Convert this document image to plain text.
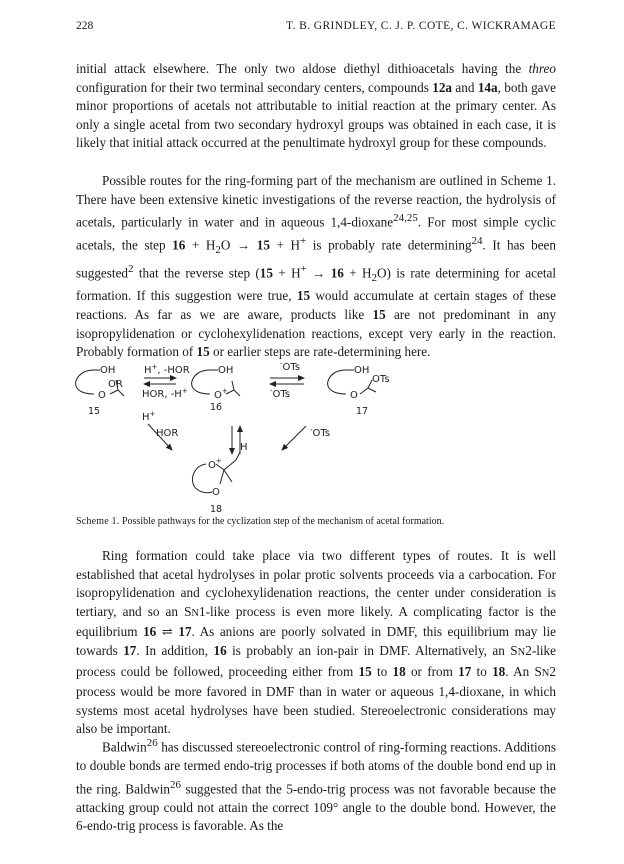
228	T. B. GRINDLEY, C. J. P. COTE, C. WICKRAMAGE

initial attack elsewhere. The only two aldose diethyl dithioacetals having the threo configuration for their two terminal secondary centers, compounds 12a and 14a, both gave minor proportions of acetals not attributable to initial reaction at the primary center. As only a single acetal from two secondary hydroxyl groups was obtained in each case, it is likely that initial attack occurred at the penultimate hydroxyl group for these compounds.

Possible routes for the ring-forming part of the mechanism are outlined in Scheme 1. There have been extensive kinetic investigations of the reverse reaction, the hydrolysis of acetals, particularly in water and in aqueous 1,4-dioxane$^{24,25}$. For most simple cyclic acetals, the step $16 + H_2O \to 15 + H^+$ is probably rate determining$^{24}$. It has been suggested$^2$ that the reverse step $(15 + H^+ \to 16 + H_2O)$ is rate determining for acetal formation. If this suggestion were true, 15 would accumulate at certain stages of these reactions. As far as we are aware, products like 15 are not predominant in any isopropylidenation or cyclohexylidenation reactions, except very early in the reaction. Probably formation of 15 or earlier steps are rate-determining here.

OH
OR
O
H+, -HOR
HOR, -H+
OH
O+
-OTs
-OTs
OH
OTs
O
15	16	17
H+
HOR	-OTs
H
O+
O
18
Scheme 1. Possible pathways for the cyclization step of the mechanism of acetal formation.

Ring formation could take place via two different types of routes. It is well established that acetal hydrolyses in polar protic solvents proceeds via a carbocation. For isopropylidenation and cyclohexylidenation reactions, the center under consideration is tertiary, and so an SN1-like process is even more likely. A complicating factor is the equilibrium 16 ⇌ 17. As anions are poorly solvated in DMF, this equilibrium may lie towards 17. In addition, 16 is probably an ion-pair in DMF. Alternatively, an SN2-like process could be followed, proceeding either from 15 to 18 or from 17 to 18. An SN2 process would be more favored in DMF than in water or aqueous 1,4-dioxane, in which systems most acetal hydrolyses have been studied. Stereoelectronic considerations may also be important.

Baldwin$^{26}$ has discussed stereoelectronic control of ring-forming reactions. Additions to double bonds are termed endo-trig processes if both atoms of the double bond end up in the ring. Baldwin$^{26}$ suggested that the 5-endo-trig process was not favorable because the attacking group could not attain the correct 109° angle to the double bond. However, the 6-endo-trig process is favorable. As the
